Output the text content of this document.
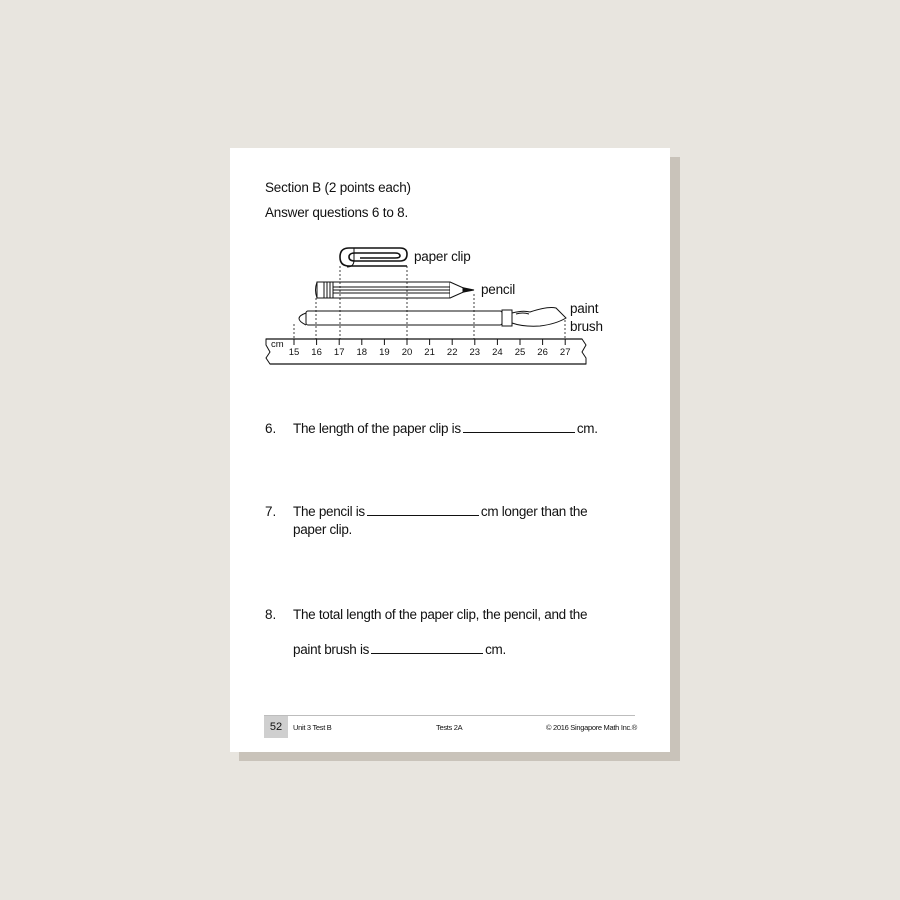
Section B (2 points each)
Answer questions 6 to 8.
15 16 17 18 19 20 21 22 23 24 25 26 27
cm
paper clip
pencil
paint
brush
6. The length of the paper clip is	cm.
7. The pencil is	cm longer than the
paper clip.
8. The total length of the paper clip, the pencil, and the
paint brush is	cm.
52	Unit 3 Test B	Tests 2A	© 2016 Singapore Math Inc.®
